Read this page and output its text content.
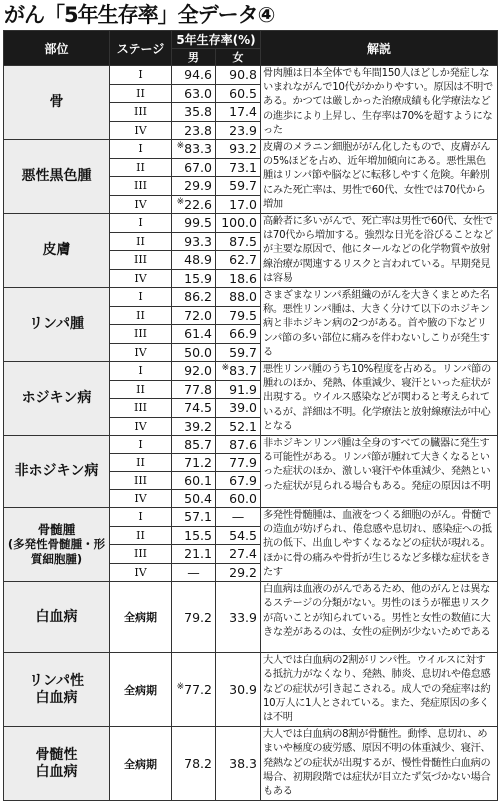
がん「5年生存率」全データ④
部位	ステージ	5年生存率(%)		解説
		男	女	

骨	I	94.6	90.8	骨肉腫は日本全体でも年間150人ほどしか発症しないまれながんで10代がかかりやすい。原因は不明である。かつては厳しかった治療成績も化学療法などの進歩により上昇し、生存率は70%を超すようになった
	II	63.0	60.5	
	III	35.8	17.4	
	IV	23.8	23.9	

悪性黒色腫	I	※83.3	93.2	皮膚のメラニン細胞ががん化したもので、皮膚がんの5%ほどを占め、近年増加傾向にある。悪性黒色腫はリンパ節や脳などに転移しやすく危険。年齢別にみた死亡率は、男性で60代、女性では70代から増加
	II	67.0	73.1	
	III	29.9	59.7	
	IV	※22.6	17.0	

皮膚	I	99.5	100.0	高齢者に多いがんで、死亡率は男性で60代、女性では70代から増加する。強烈な日光を浴びることなどが主要な原因で、他にタールなどの化学物質や放射線治療が関連するリスクと言われている。早期発見は容易
	II	93.3	87.5	
	III	48.9	62.7	
	IV	15.9	18.6	

リンパ腫	I	86.2	88.0	さまざまなリンパ系組織のがんを大きくまとめた名称。悪性リンパ腫は、大きく分けて以下のホジキン病と非ホジキン病の2つがある。首や腋の下などリンパ節の多い部位に痛みを伴わないしこりが発生する
	II	72.0	79.5	
	III	61.4	66.9	
	IV	50.0	59.7	

ホジキン病	I	92.0	※83.7	悪性リンパ腫のうち10%程度を占める。リンパ節の腫れのほか、発熱、体重減少、寝汗といった症状が出現する。ウイルス感染などが関わると考えられているが、詳細は不明。化学療法と放射線療法が中心となる
	II	77.8	91.9	
	III	74.5	39.0	
	IV	39.2	52.1	

非ホジキン病	I	85.7	87.6	非ホジキンリンパ腫は全身のすべての臓器に発生する可能性がある。リンパ節が腫れて大きくなるといった症状のほか、激しい寝汗や体重減少、発熱といった症状が見られる場合もある。発症の原因は不明
	II	71.2	77.9	
	III	60.1	67.9	
	IV	50.4	60.0	

骨髄腫
(多発性骨髄腫・形質細胞腫)	I	57.1	—	多発性骨髄腫は、血液をつくる細胞のがん。骨髄での造血が妨げられ、倦怠感や息切れ、感染症への抵抗の低下、出血しやすくなるなどの症状が現れる。ほかに骨の痛みや骨折が生じるなど多様な症状をきたす
	II	15.5	54.5	
	III	21.1	27.4	
	IV	—	29.2	

白血病	全病期	79.2	33.9	白血病は血液のがんであるため、他のがんとは異なるステージの分類がない。男性のほうが罹患リスクが高いことが知られている。男性と女性の数値に大きな差があるのは、女性の症例が少ないためである

リンパ性
白血病	全病期	※77.2	30.9	大人では白血病の2割がリンパ性。ウイルスに対する抵抗力がなくなり、発熱、肺炎、息切れや倦怠感などの症状が引き起こされる。成人での発症率は約10万人に1人とされている。また、発症原因の多くは不明

骨髄性
白血病	全病期	78.2	38.3	大人では白血病の8割が骨髄性。動悸、息切れ、めまいや極度の疲労感、原因不明の体重減少、寝汗、発熱などの症状が出現するが、慢性骨髄性白血病の場合、初期段階では症状が目立たず気づかない場合もある
